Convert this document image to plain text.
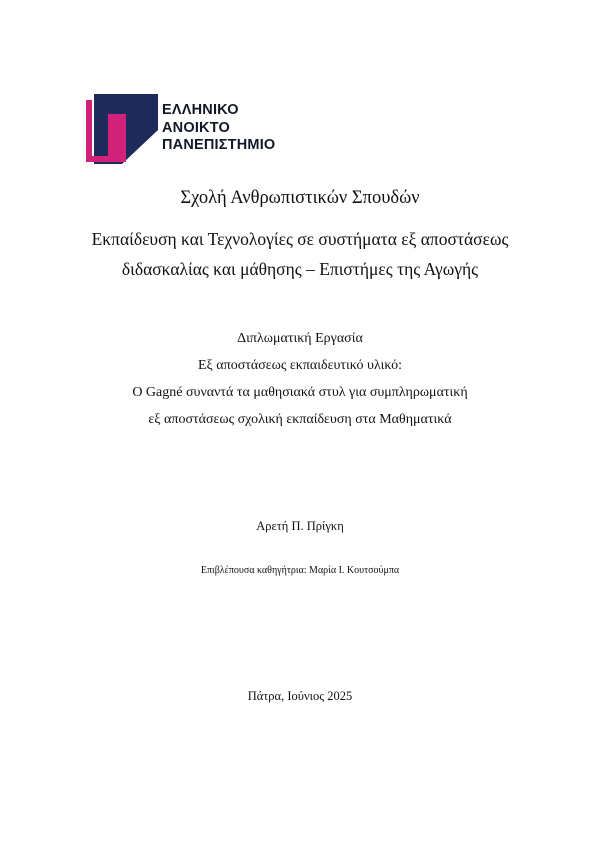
ΕΛΛΗΝΙΚΟ
ΑΝΟΙΚΤΟ
ΠΑΝΕΠΙΣΤΗΜΙΟ
Σχολή Ανθρωπιστικών Σπουδών
Εκπαίδευση και Τεχνολογίες σε συστήματα εξ αποστάσεως
διδασκαλίας και μάθησης – Επιστήμες της Αγωγής
Διπλωματική Εργασία
Εξ αποστάσεως εκπαιδευτικό υλικό:
Ο Gagné συναντά τα μαθησιακά στυλ για συμπληρωματική
εξ αποστάσεως σχολική εκπαίδευση στα Μαθηματικά
Αρετή Π. Πρίγκη
Επιβλέπουσα καθηγήτρια: Μαρία Ι. Κουτσούμπα
Πάτρα, Ιούνιος 2025
